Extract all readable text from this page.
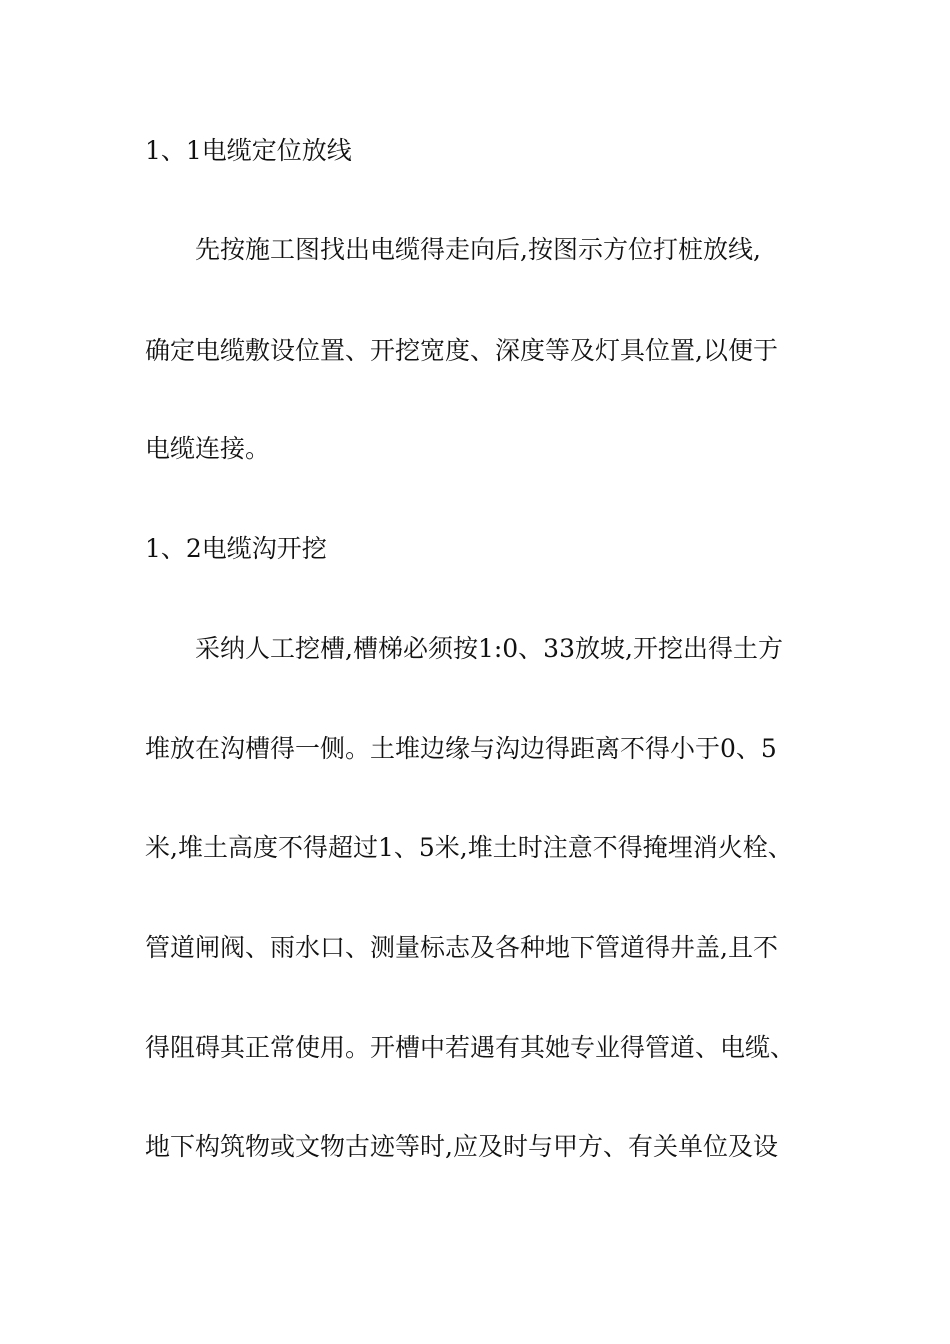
1、1电缆定位放线
先按施工图找出电缆得走向后,按图示方位打桩放线,
确定电缆敷设位置、开挖宽度、深度等及灯具位置,以便于
电缆连接。
1、2电缆沟开挖
采纳人工挖槽,槽梯必须按1:0、33放坡,开挖出得土方
堆放在沟槽得一侧。土堆边缘与沟边得距离不得小于0、5
米,堆土高度不得超过1、5米,堆土时注意不得掩埋消火栓、
管道闸阀、雨水口、测量标志及各种地下管道得井盖,且不
得阻碍其正常使用。开槽中若遇有其她专业得管道、电缆、
地下构筑物或文物古迹等时,应及时与甲方、有关单位及设
